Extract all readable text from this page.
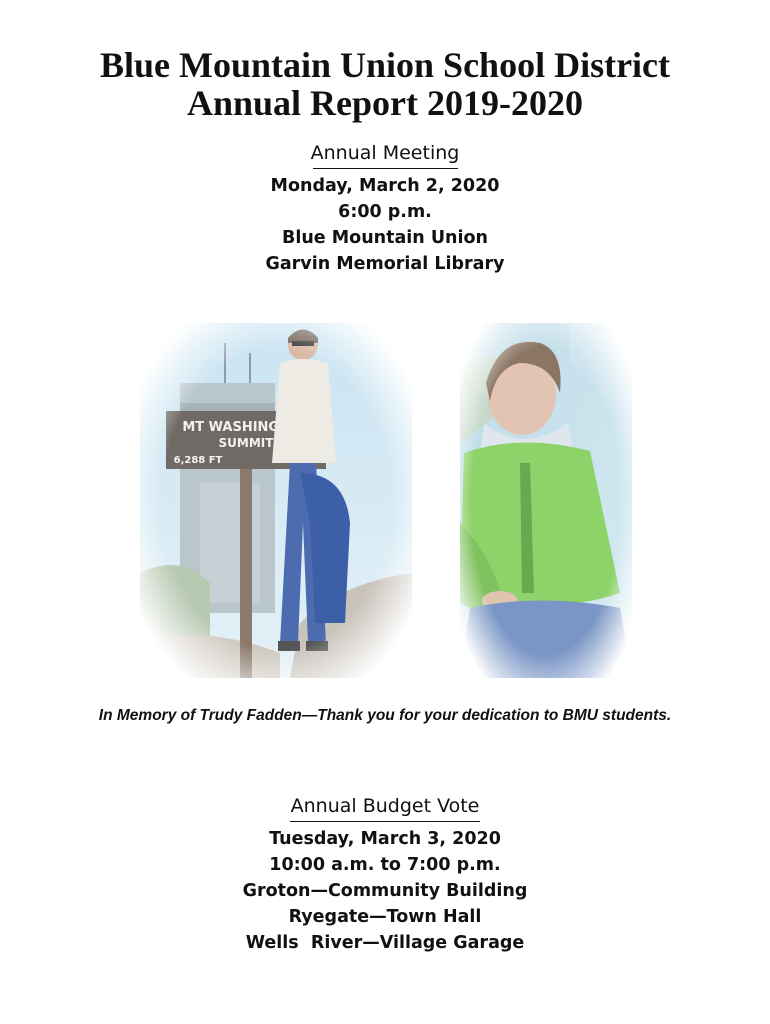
Blue Mountain Union School District
Annual Report 2019-2020
Annual Meeting
Monday, March 2, 2020
6:00 p.m.
Blue Mountain Union
Garvin Memorial Library
In Memory of Trudy Fadden—Thank you for your dedication to BMU students.
Annual Budget Vote
Tuesday, March 3, 2020
10:00 a.m. to 7:00 p.m.
Groton—Community Building
Ryegate—Town Hall
Wells  River—Village Garage
